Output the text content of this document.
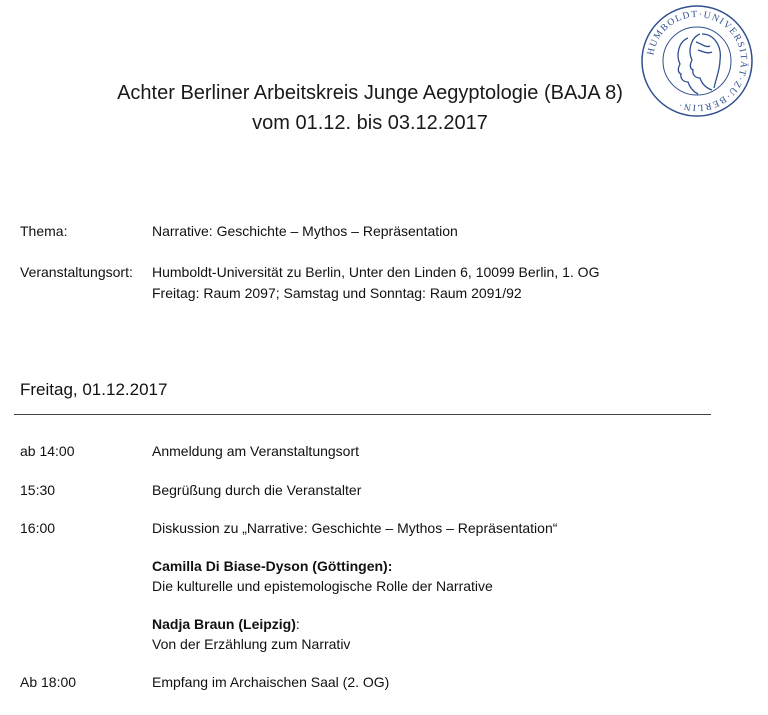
HUMBOLDT·UNIVERSITÄT·ZU·BERLIN·
Achter Berliner Arbeitskreis Junge Aegyptologie (BAJA 8)
vom 01.12. bis 03.12.2017
Thema:	Narrative: Geschichte – Mythos – Repräsentation
Veranstaltungsort: Humboldt-Universität zu Berlin, Unter den Linden 6, 10099 Berlin, 1. OG
Freitag: Raum 2097; Samstag und Sonntag: Raum 2091/92
Freitag, 01.12.2017
ab 14:00	Anmeldung am Veranstaltungsort
15:30	Begrüßung durch die Veranstalter
16:00	Diskussion zu „Narrative: Geschichte – Mythos – Repräsentation“
Camilla Di Biase-Dyson (Göttingen):
Die kulturelle und epistemologische Rolle der Narrative
Nadja Braun (Leipzig):
Von der Erzählung zum Narrativ
Ab 18:00	Empfang im Archaischen Saal (2. OG)
